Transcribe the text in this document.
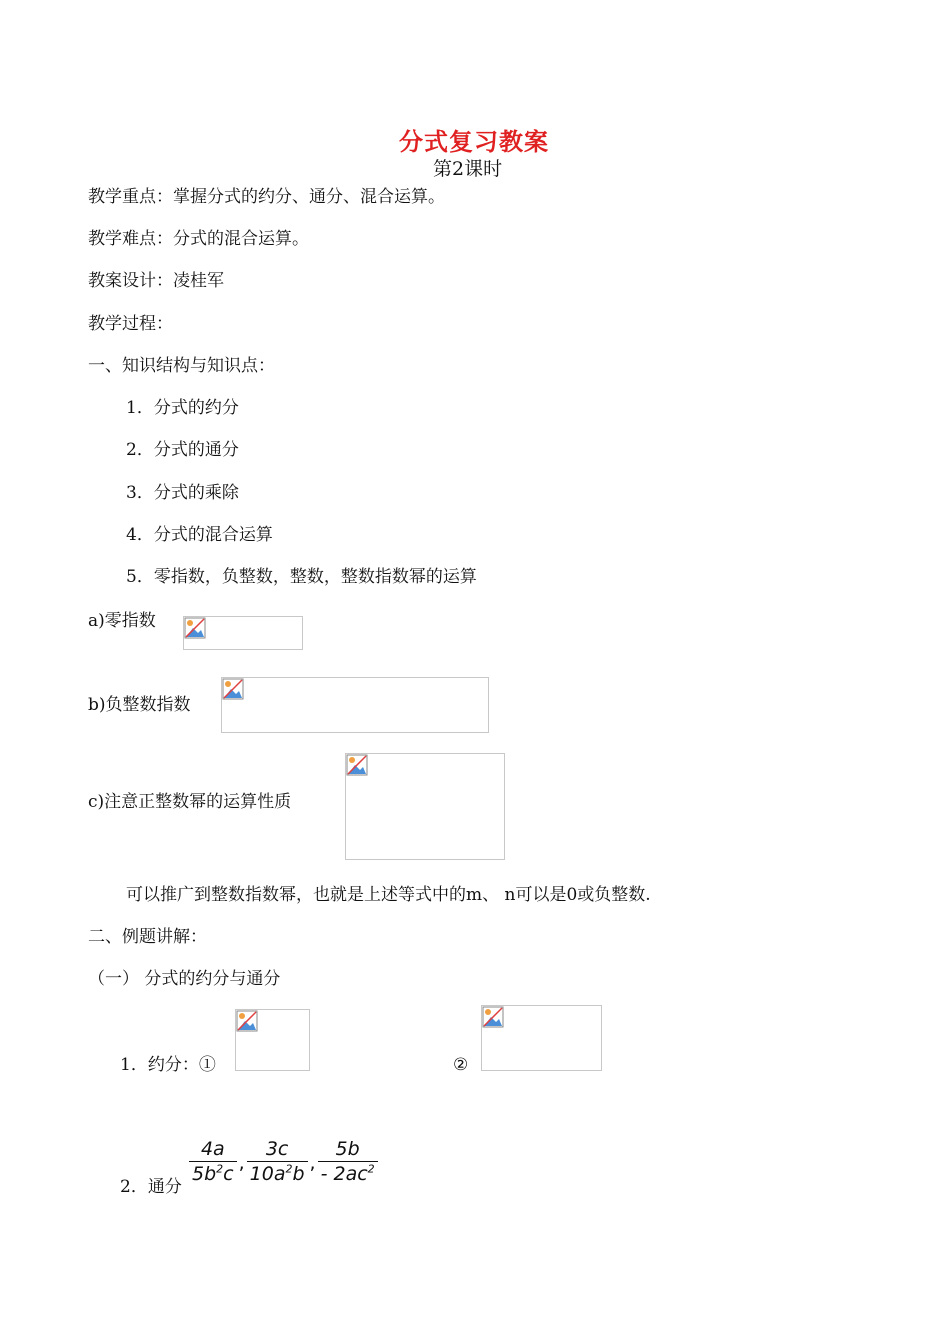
分式复习教案
第2课时
教学重点：掌握分式的约分、通分、混合运算。
教学难点：分式的混合运算。
教案设计：凌桂军
教学过程：
一、知识结构与知识点：
1．分式的约分
2．分式的通分
3．分式的乘除
4．分式的混合运算
5．零指数，负整数，整数，整数指数幂的运算
a)零指数
b)负整数指数
c)注意正整数幂的运算性质
可以推广到整数指数幂，也就是上述等式中的m、 n可以是0或负整数.
二、例题讲解：
（一） 分式的约分与通分
1．约分：①	②
2．通分
$\frac{4a}{5b^2c}$ , $\frac{3c}{10a^2b}$ , $\frac{5b}{- 2ac^2}$
